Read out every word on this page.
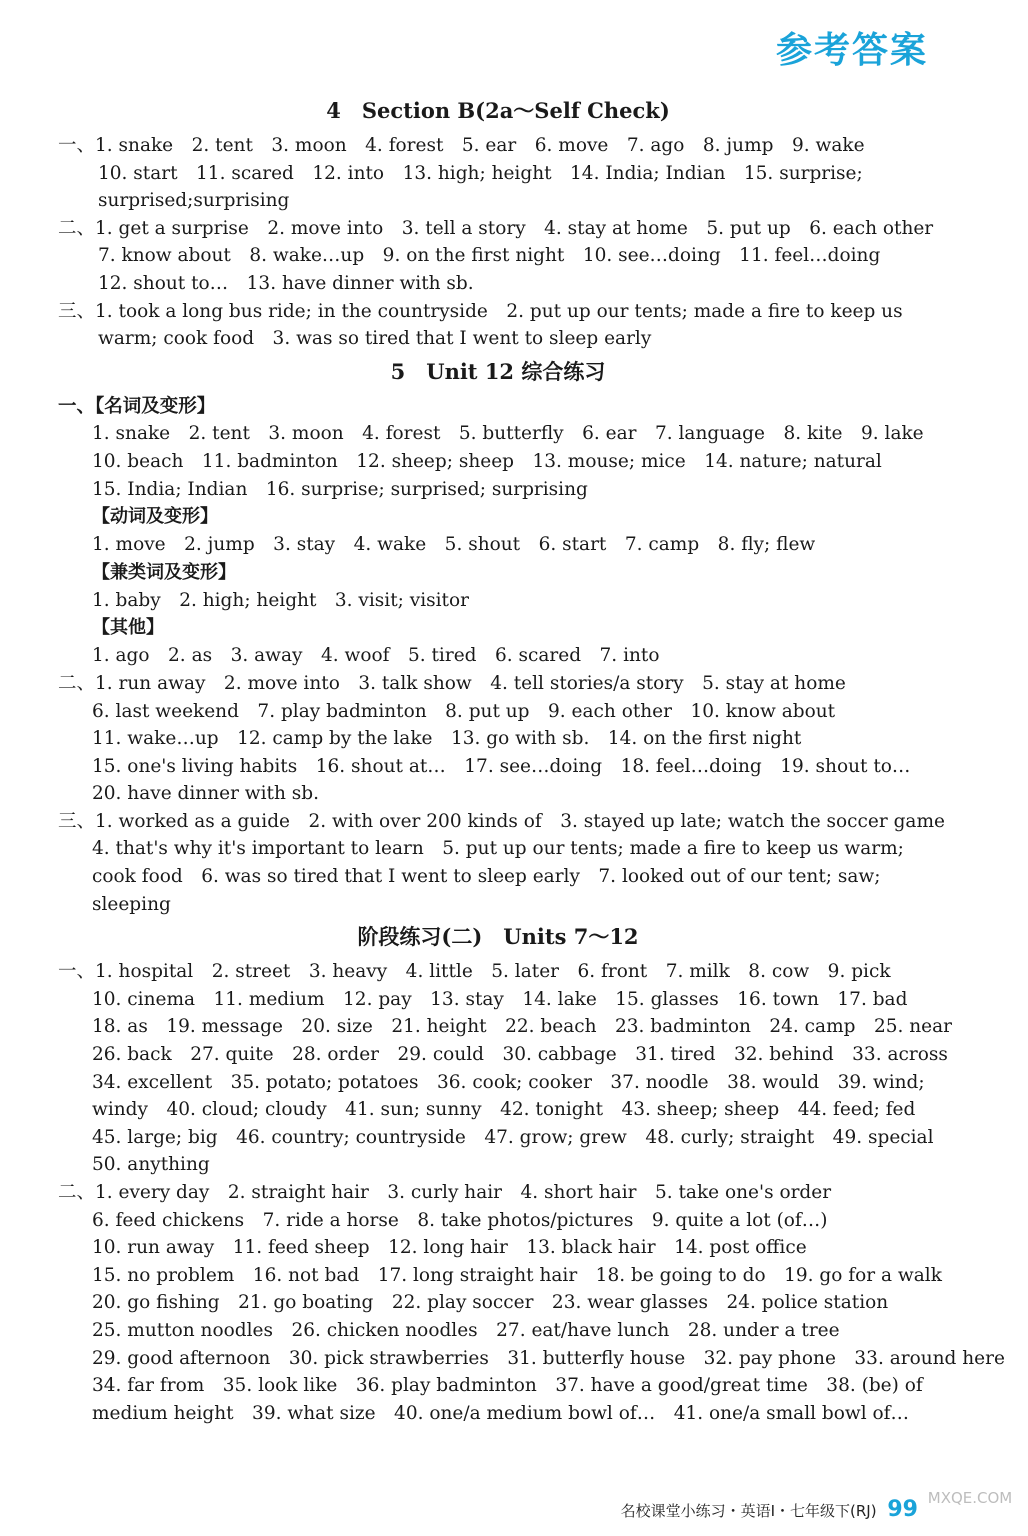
参考答案
4　Section B(2a～Self Check)
一、1. snake　2. tent　3. moon　4. forest　5. ear　6. move　7. ago　8. jump　9. wake
10. start　11. scared　12. into　13. high; height　14. India; Indian　15. surprise;
surprised;surprising
二、1. get a surprise　2. move into　3. tell a story　4. stay at home　5. put up　6. each other
7. know about　8. wake…up　9. on the first night　10. see…doing　11. feel…doing
12. shout to…　13. have dinner with sb.
三、1. took a long bus ride; in the countryside　2. put up our tents; made a fire to keep us
warm; cook food　3. was so tired that I went to sleep early
5　Unit 12 综合练习
一、【名词及变形】
1. snake　2. tent　3. moon　4. forest　5. butterfly　6. ear　7. language　8. kite　9. lake
10. beach　11. badminton　12. sheep; sheep　13. mouse; mice　14. nature; natural
15. India; Indian　16. surprise; surprised; surprising
【动词及变形】
1. move　2. jump　3. stay　4. wake　5. shout　6. start　7. camp　8. fly; flew
【兼类词及变形】
1. baby　2. high; height　3. visit; visitor
【其他】
1. ago　2. as　3. away　4. woof　5. tired　6. scared　7. into
二、1. run away　2. move into　3. talk show　4. tell stories/a story　5. stay at home
6. last weekend　7. play badminton　8. put up　9. each other　10. know about
11. wake…up　12. camp by the lake　13. go with sb.　14. on the first night
15. one's living habits　16. shout at…　17. see…doing　18. feel…doing　19. shout to…
20. have dinner with sb.
三、1. worked as a guide　2. with over 200 kinds of　3. stayed up late; watch the soccer game
4. that's why it's important to learn　5. put up our tents; made a fire to keep us warm;
cook food　6. was so tired that I went to sleep early　7. looked out of our tent; saw;
sleeping
阶段练习(二)　Units 7～12
一、1. hospital　2. street　3. heavy　4. little　5. later　6. front　7. milk　8. cow　9. pick
10. cinema　11. medium　12. pay　13. stay　14. lake　15. glasses　16. town　17. bad
18. as　19. message　20. size　21. height　22. beach　23. badminton　24. camp　25. near
26. back　27. quite　28. order　29. could　30. cabbage　31. tired　32. behind　33. across
34. excellent　35. potato; potatoes　36. cook; cooker　37. noodle　38. would　39. wind;
windy　40. cloud; cloudy　41. sun; sunny　42. tonight　43. sheep; sheep　44. feed; fed
45. large; big　46. country; countryside　47. grow; grew　48. curly; straight　49. special
50. anything
二、1. every day　2. straight hair　3. curly hair　4. short hair　5. take one's order
6. feed chickens　7. ride a horse　8. take photos/pictures　9. quite a lot (of…)
10. run away　11. feed sheep　12. long hair　13. black hair　14. post office
15. no problem　16. not bad　17. long straight hair　18. be going to do　19. go for a walk
20. go fishing　21. go boating　22. play soccer　23. wear glasses　24. police station
25. mutton noodles　26. chicken noodles　27. eat/have lunch　28. under a tree
29. good afternoon　30. pick strawberries　31. butterfly house　32. pay phone　33. around here
34. far from　35. look like　36. play badminton　37. have a good/great time　38. (be) of
medium height　39. what size　40. one/a medium bowl of…　41. one/a small bowl of…
名校课堂小练习・英语Ⅰ・七年级下(RJ) 99 MXQE.COM
